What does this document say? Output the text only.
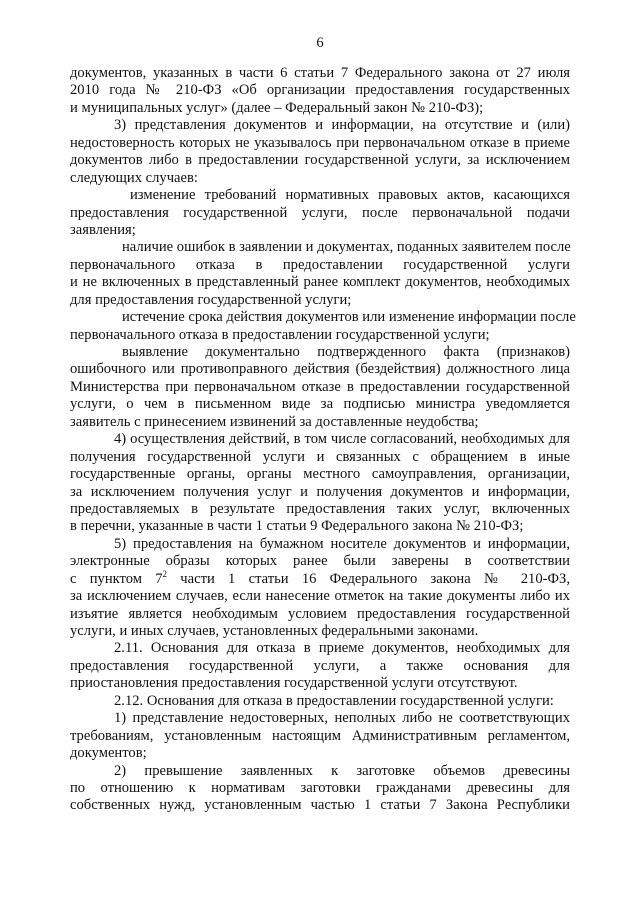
6
документов, указанных в части 6 статьи 7 Федерального закона от 27 июля
2010 года № 210-ФЗ «Об организации предоставления государственных
и муниципальных услуг» (далее – Федеральный закон № 210-ФЗ);
3) представления документов и информации, на отсутствие и (или)
недостоверность которых не указывалось при первоначальном отказе в приеме
документов либо в предоставлении государственной услуги, за исключением
следующих случаев:
изменение требований нормативных правовых актов, касающихся
предоставления государственной услуги, после первоначальной подачи
заявления;
наличие ошибок в заявлении и документах, поданных заявителем после
первоначального отказа в предоставлении государственной услуги
и не включенных в представленный ранее комплект документов, необходимых
для предоставления государственной услуги;
истечение срока действия документов или изменение информации после
первоначального отказа в предоставлении государственной услуги;
выявление документально подтвержденного факта (признаков)
ошибочного или противоправного действия (бездействия) должностного лица
Министерства при первоначальном отказе в предоставлении государственной
услуги, о чем в письменном виде за подписью министра уведомляется
заявитель с принесением извинений за доставленные неудобства;
4) осуществления действий, в том числе согласований, необходимых для
получения государственной услуги и связанных с обращением в иные
государственные органы, органы местного самоуправления, организации,
за исключением получения услуг и получения документов и информации,
предоставляемых в результате предоставления таких услуг, включенных
в перечни, указанные в части 1 статьи 9 Федерального закона № 210-ФЗ;
5) предоставления на бумажном носителе документов и информации,
электронные образы которых ранее были заверены в соответствии
с пунктом $7^2$ части 1 статьи 16 Федерального закона № 210-ФЗ,
за исключением случаев, если нанесение отметок на такие документы либо их
изъятие является необходимым условием предоставления государственной
услуги, и иных случаев, установленных федеральными законами.
2.11. Основания для отказа в приеме документов, необходимых для
предоставления государственной услуги, а также основания для
приостановления предоставления государственной услуги отсутствуют.
2.12. Основания для отказа в предоставлении государственной услуги:
1) представление недостоверных, неполных либо не соответствующих
требованиям, установленным настоящим Административным регламентом,
документов;
2) превышение заявленных к заготовке объемов древесины
по отношению к нормативам заготовки гражданами древесины для
собственных нужд, установленным частью 1 статьи 7 Закона Республики
